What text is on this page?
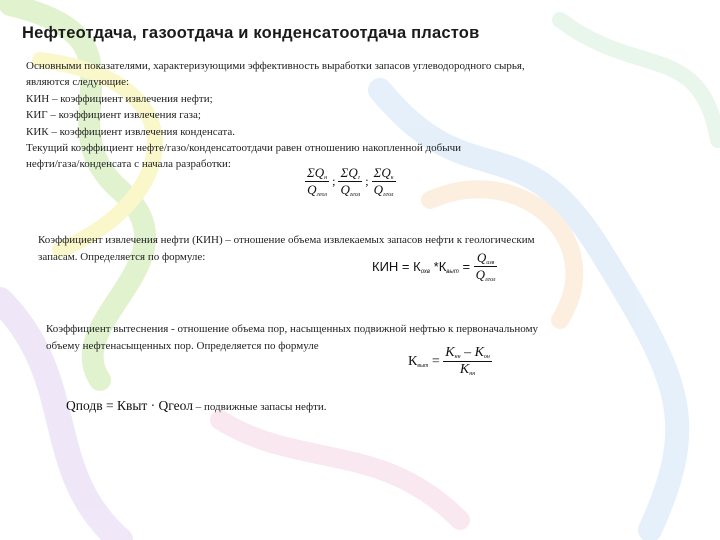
Нефтеотдача, газоотдача и конденсатоотдача пластов
Основными показателями, характеризующими эффективность выработки запасов углеводородного сырья,
являются следующие:
КИН – коэффициент извлечения нефти;
КИГ – коэффициент извлечения газа;
КИК – коэффициент извлечения конденсата.
Текущий коэффициент нефте/газо/конденсатоотдачи равен отношению накопленной добычи
нефти/газа/конденсата с начала разработки:
$\frac{\Sigma Q_н}{Q_{геол}}$ ; $\frac{\Sigma Q_г}{Q_{геол}}$ ; $\frac{\Sigma Q_к}{Q_{геол}}$
Коэффициент извлечения нефти (КИН) – отношение объема извлекаемых запасов нефти к геологическим
запасам. Определяется по формуле:
КИН = $К_{охв}$ $*К_{выт} = \frac{Q_{изв}}{Q_{геол}}$
Коэффициент вытеснения - отношение объема пор, насыщенных подвижной нефтью к первоначальному
объему нефтенасыщенных пор. Определяется по формуле
$К_{выт} = \frac{K_{нн} - K_{он}}{K_{нн}}$
Qподв = Квыт · Qгеол – подвижные запасы нефти.
